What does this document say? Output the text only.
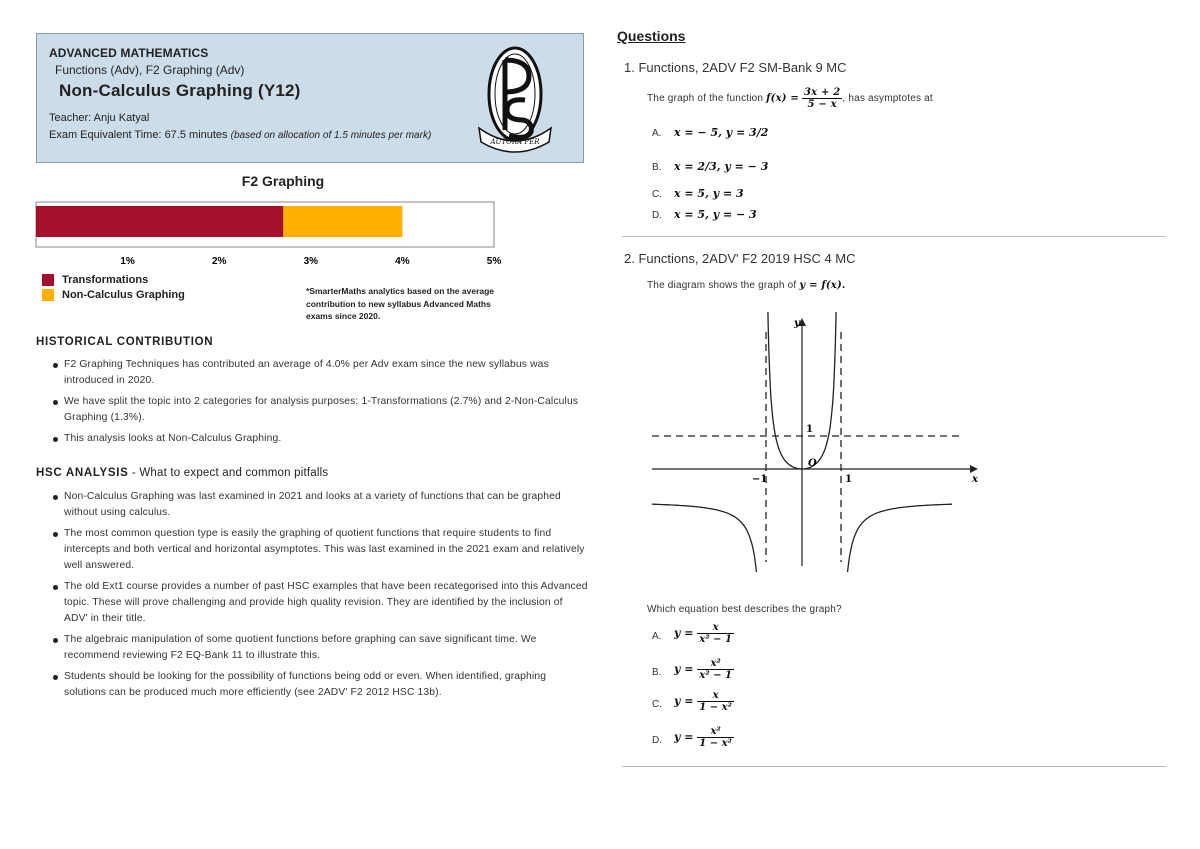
ADVANCED MATHEMATICS
Functions (Adv), F2 Graphing (Adv)
Non-Calculus Graphing (Y12)
Teacher: Anju Katyal
Exam Equivalent Time: 67.5 minutes (based on allocation of 1.5 minutes per mark)
AUTORA PER
F2 Graphing
1%	2%	3%	4%	5%
Transformations
Non-Calculus Graphing	*SmarterMaths analytics based on the average contribution to new syllabus Advanced Maths exams since 2020.
HISTORICAL CONTRIBUTION
F2 Graphing Techniques has contributed an average of 4.0% per Adv exam since the new syllabus was introduced in 2020.
We have split the topic into 2 categories for analysis purposes: 1-Transformations (2.7%) and 2-Non-Calculus Graphing (1.3%).
This analysis looks at Non-Calculus Graphing.
HSC ANALYSIS - What to expect and common pitfalls
Non-Calculus Graphing was last examined in 2021 and looks at a variety of functions that can be graphed without using calculus.
The most common question type is easily the graphing of quotient functions that require students to find intercepts and both vertical and horizontal asymptotes. This was last examined in the 2021 exam and relatively well answered.
The old Ext1 course provides a number of past HSC examples that have been recategorised into this Advanced topic. These will prove challenging and provide high quality revision. They are identified by the inclusion of ADV' in their title.
The algebraic manipulation of some quotient functions before graphing can save significant time. We recommend reviewing F2 EQ-Bank 11 to illustrate this.
Students should be looking for the possibility of functions being odd or even. When identified, graphing solutions can be produced much more efficiently (see 2ADV' F2 2012 HSC 13b).
Questions
1. Functions, 2ADV F2 SM-Bank 9 MC
The graph of the function $f(x) = \frac{3x + 2}{5 - x}$ , has asymptotes at
A. x = − 5, y = 3/2
B. x = 2/3, y = − 3
C. x = 5, y = 3
D. x = 5, y = − 3
2. Functions, 2ADV' F2 2019 HSC 4 MC
The diagram shows the graph of y = f(x).
y
x
O
1
−1	1
Which equation best describes the graph?
A. $y = \frac{x}{\text{x² − 1}}$
B. $y = \frac{\text{x²}}{\text{x² − 1}}$
C. $y = \frac{x}{\text{1 − x²}}$
D. $y = \frac{\text{x²}}{\text{1 − x²}}$
